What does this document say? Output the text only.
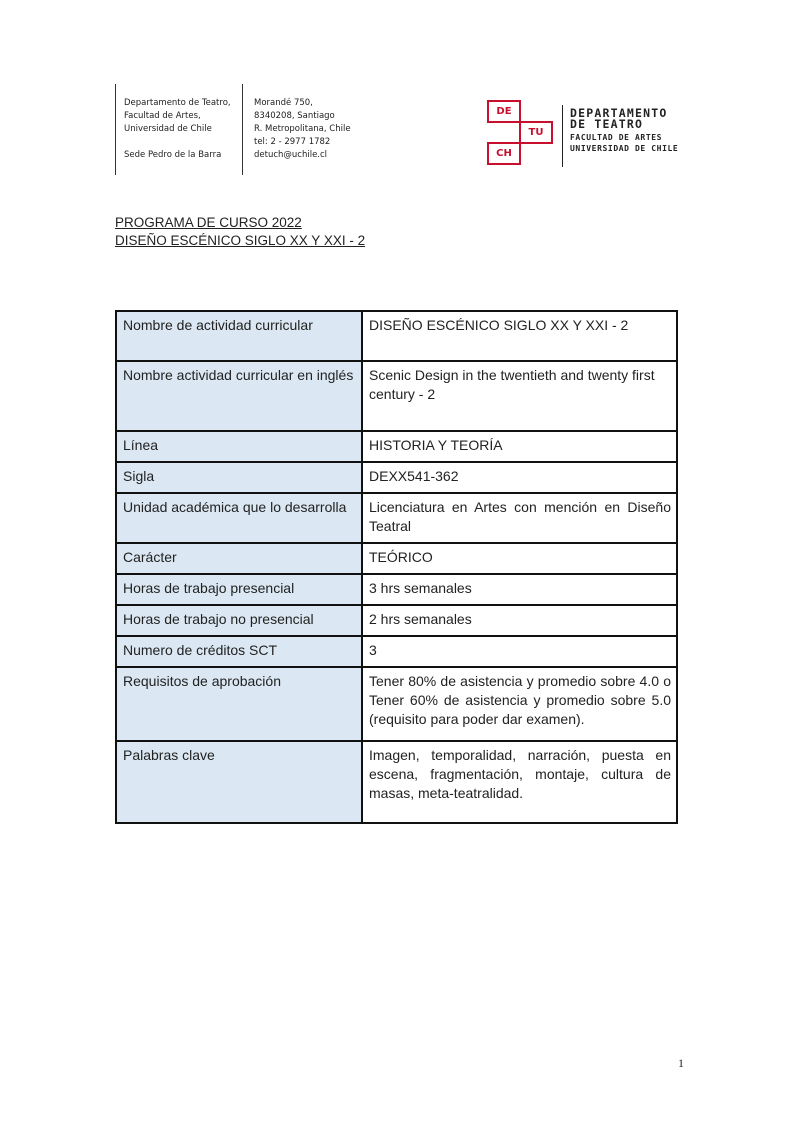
Departamento de Teatro,
Facultad de Artes,
Universidad de Chile
Sede Pedro de la Barra
Morandé 750,
8340208, Santiago
R. Metropolitana, Chile
tel: 2 - 2977 1782
detuch@uchile.cl
DE
TU
CH
DEPARTAMENTO
DE TEATRO
FACULTAD DE ARTES
UNIVERSIDAD DE CHILE
PROGRAMA DE CURSO 2022
DISEÑO ESCÉNICO SIGLO XX Y XXI - 2
Nombre de actividad curricular	DISEÑO ESCÉNICO SIGLO XX Y XXI - 2
Nombre actividad curricular en inglés	Scenic Design in the twentieth and twenty first century - 2
Línea	HISTORIA Y TEORÍA
Sigla	DEXX541-362
Unidad académica que lo desarrolla	Licenciatura en Artes con mención en Diseño Teatral
Carácter	TEÓRICO
Horas de trabajo presencial	3 hrs semanales
Horas de trabajo no presencial	2 hrs semanales
Numero de créditos SCT	3
Requisitos de aprobación	Tener 80% de asistencia y promedio sobre 4.0 o Tener 60% de asistencia y promedio sobre 5.0 (requisito para poder dar examen).
Palabras clave	Imagen, temporalidad, narración, puesta en escena, fragmentación, montaje, cultura de masas, meta-teatralidad.
1
